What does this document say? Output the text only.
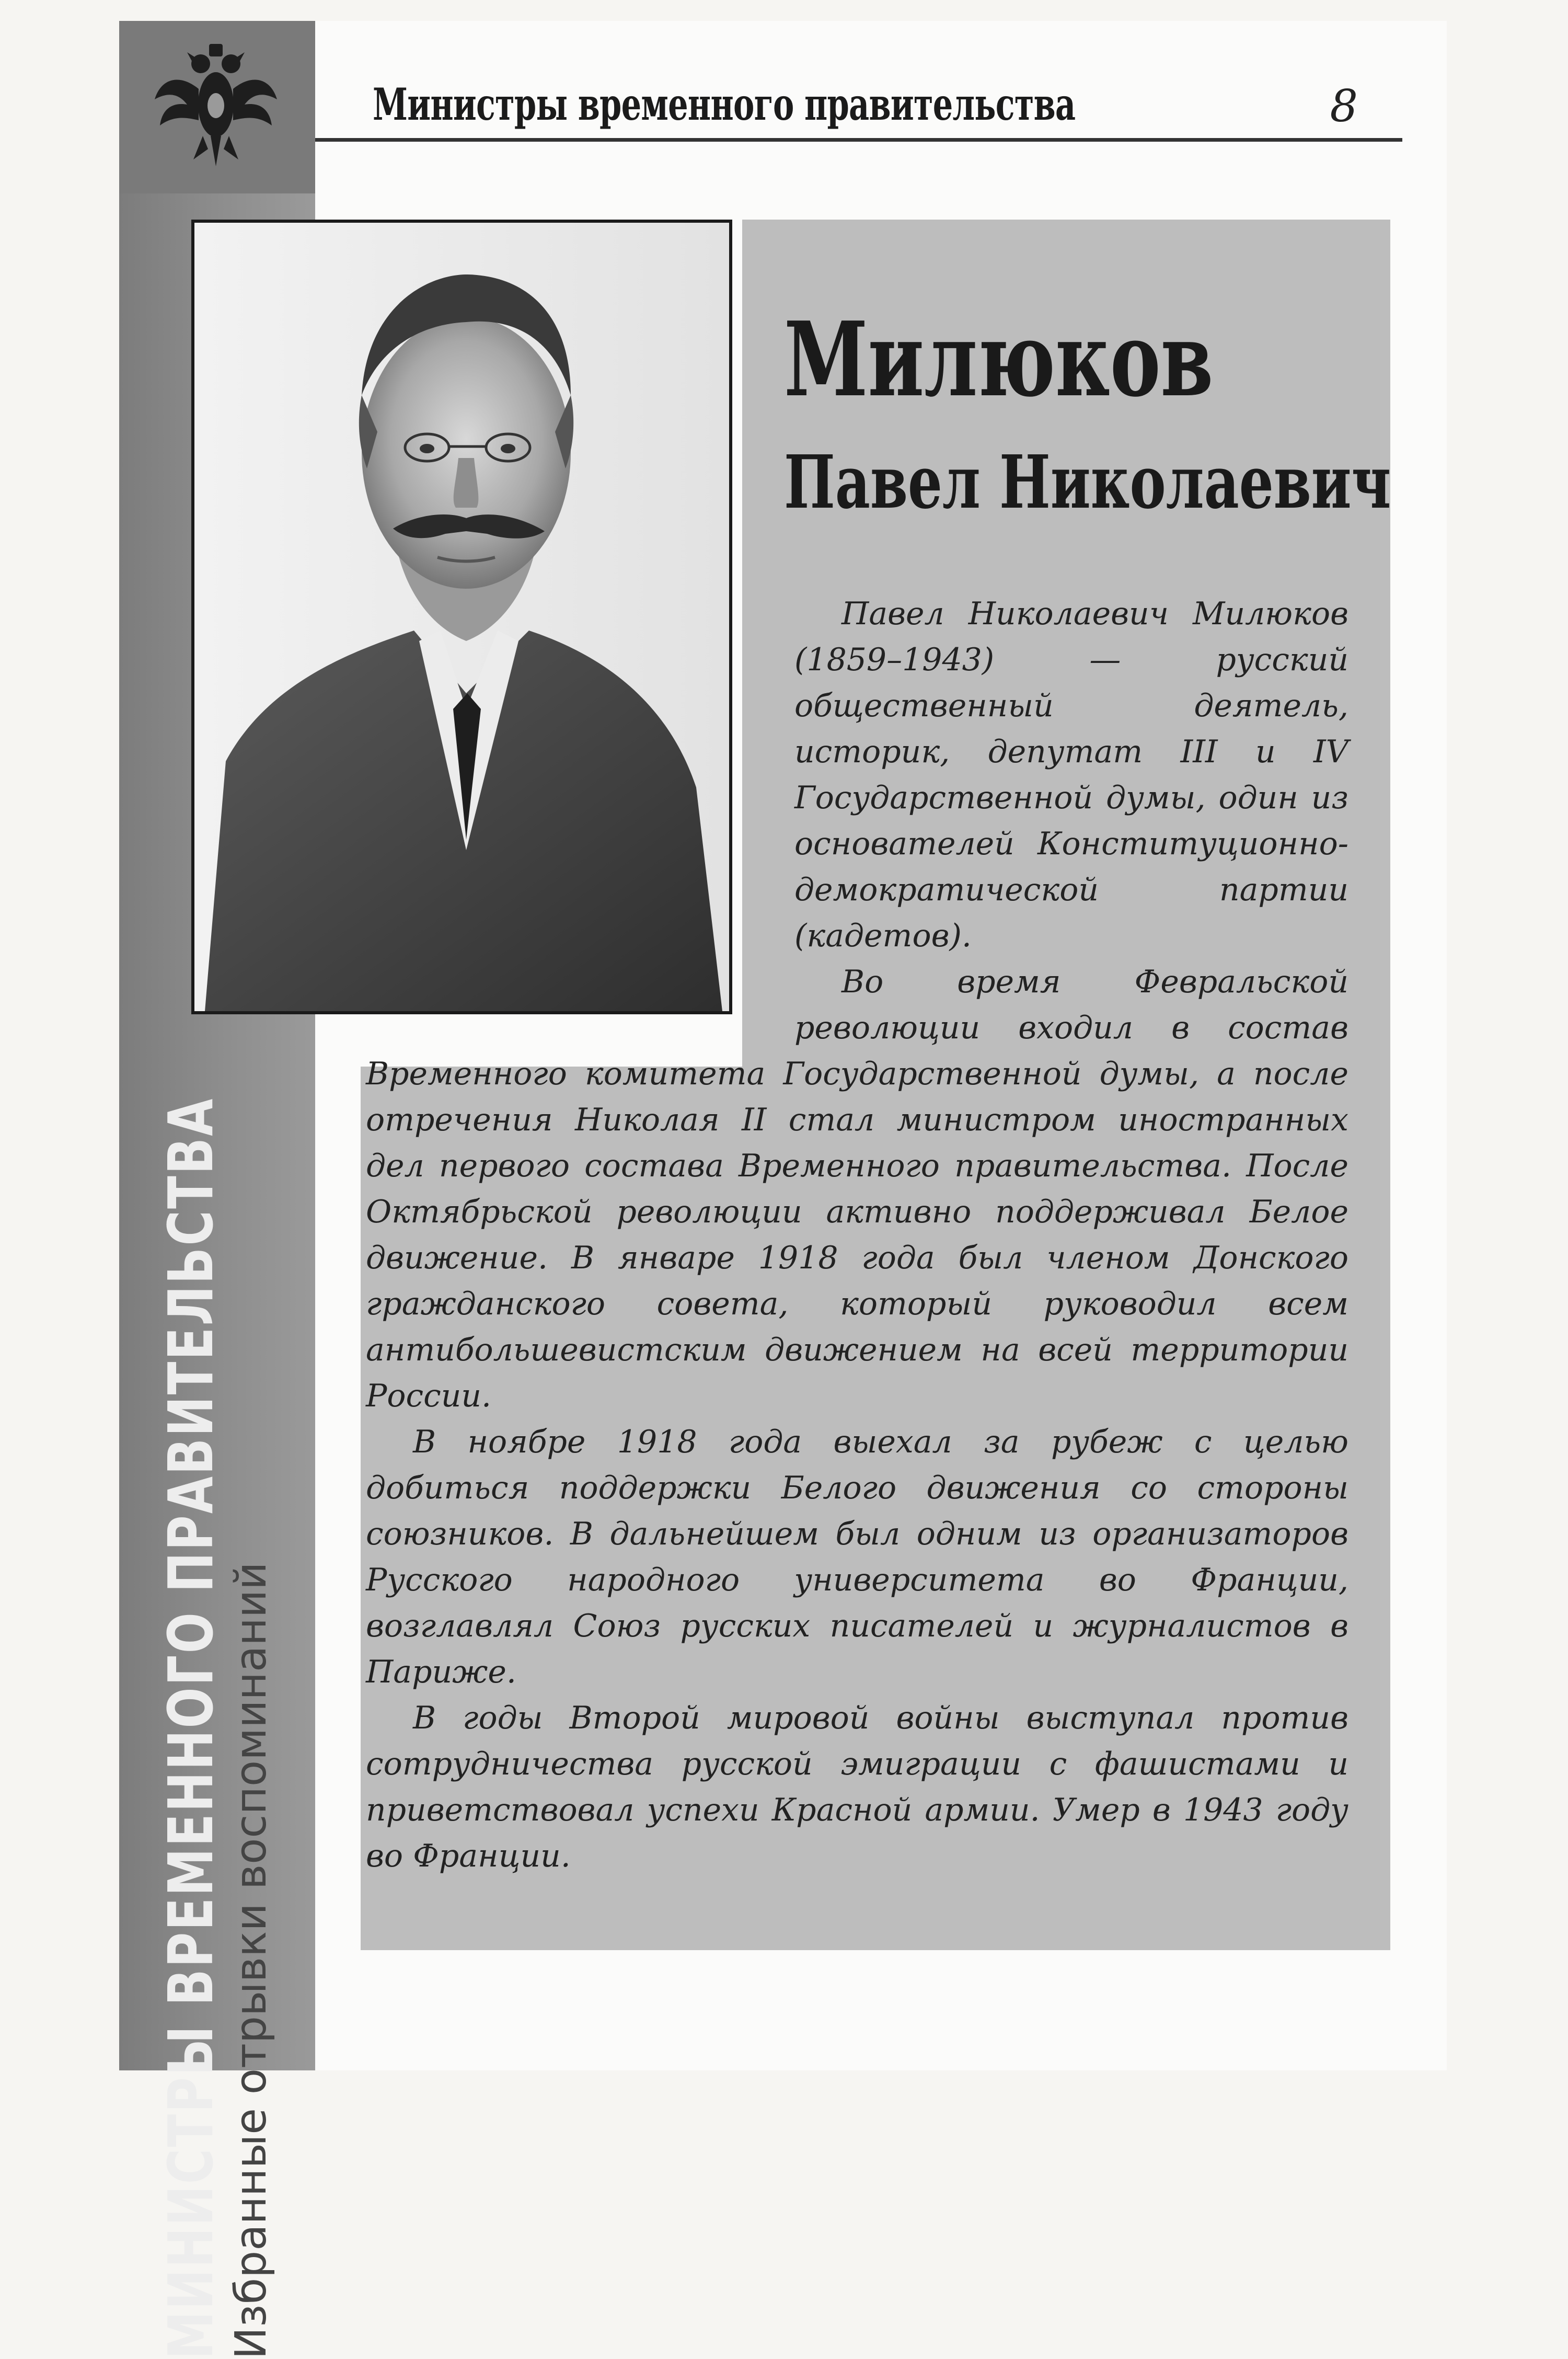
МИНИСТРЫ ВРЕМЕННОГО ПРАВИТЕЛЬСТВА
Избранные отрывки воспоминаний
Министры временного правительства	8
Милюков
Павел Николаевич

Павел Николаевич Милюков (1859–1943) — русский общественный деятель, историк, депутат III и IV Государственной думы, один из основателей Конституционно-демократической партии (кадетов).

Во время Февральской революции входил в состав Временного комитета Государственной думы, а после отречения Николая II стал министром иностранных дел первого состава Временного правительства. После Октябрьской революции активно поддерживал Белое движение. В январе 1918 года был членом Донского гражданского совета, который руководил всем антибольшевистским движением на всей территории России.

В ноябре 1918 года выехал за рубеж с целью добиться поддержки Белого движения со стороны союзников. В дальнейшем был одним из организаторов Русского народного университета во Франции, возглавлял Союз русских писателей и журналистов в Париже.

В годы Второй мировой войны выступал против сотрудничества русской эмиграции с фашистами и приветствовал успехи Красной армии. Умер в 1943 году во Франции.
